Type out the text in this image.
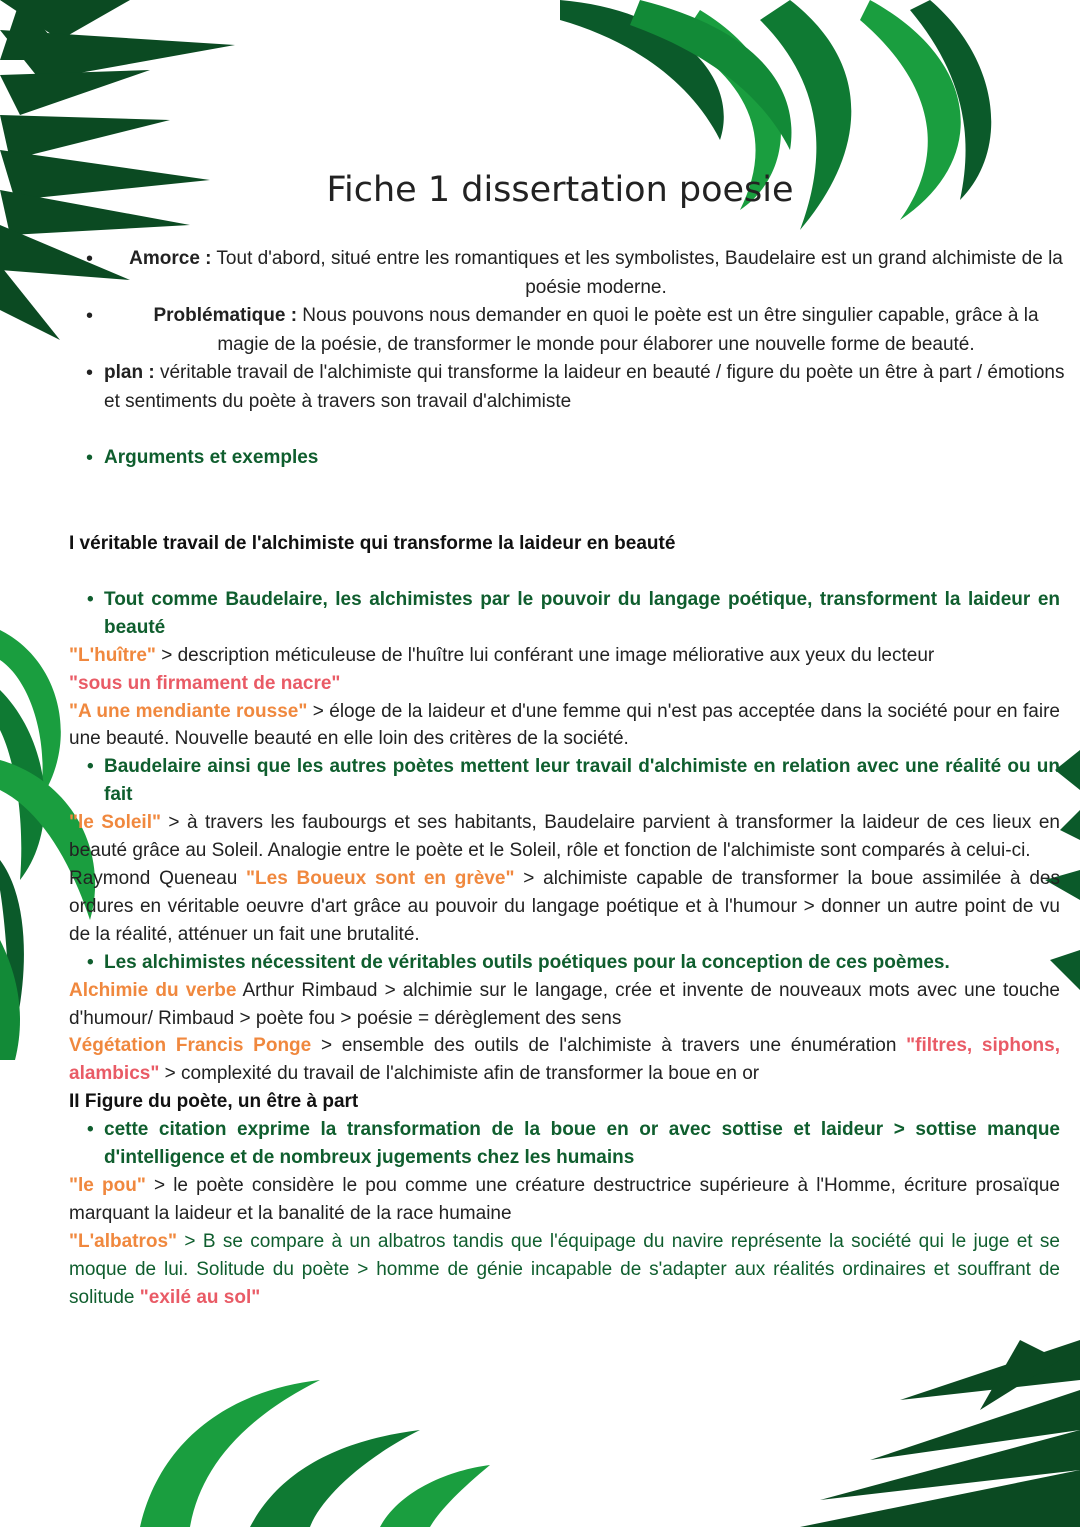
Fiche 1 dissertation poesie
• Amorce : Tout d'abord, situé entre les romantiques et les symbolistes, Baudelaire est un grand alchimiste de la poésie moderne.
•	Problématique : Nous pouvons nous demander en quoi le poète est un être singulier capable, grâce à la magie de la poésie, de transformer le monde pour élaborer une nouvelle forme de beauté.
• plan : véritable travail de l'alchimiste qui transforme la laideur en beauté / figure du poète un être à part / émotions et sentiments du poète à travers son travail d'alchimiste
• Arguments et exemples

I véritable travail de l'alchimiste qui transforme la laideur en beauté

• Tout comme Baudelaire, les alchimistes par le pouvoir du langage poétique, transforment la laideur en beauté

"L'huître" > description méticuleuse de l'huître lui conférant une image méliorative aux yeux du lecteur
"sous un firmament de nacre"

"A une mendiante rousse" > éloge de la laideur et d'une femme qui n'est pas acceptée dans la société pour en faire une beauté. Nouvelle beauté en elle loin des critères de la société.

• Baudelaire ainsi que les autres poètes mettent leur travail d'alchimiste en relation avec une réalité ou un fait

"le Soleil" > à travers les faubourgs et ses habitants, Baudelaire parvient à transformer la laideur de ces lieux en beauté grâce au Soleil. Analogie entre le poète et le Soleil, rôle et fonction de l'alchimiste sont comparés à celui-ci.

Raymond Queneau "Les Boueux sont en grève" > alchimiste capable de transformer la boue assimilée à des ordures en véritable oeuvre d'art grâce au pouvoir du langage poétique et à l'humour > donner un autre point de vu de la réalité, atténuer un fait une brutalité.

• Les alchimistes nécessitent de véritables outils poétiques pour la conception de ces poèmes.

Alchimie du verbe Arthur Rimbaud > alchimie sur le langage, crée et invente de nouveaux mots avec une touche d'humour/ Rimbaud > poète fou > poésie = dérèglement des sens

Végétation Francis Ponge > ensemble des outils de l'alchimiste à travers une énumération "filtres, siphons, alambics" > complexité du travail de l'alchimiste afin de transformer la boue en or

II Figure du poète, un être à part

• cette citation exprime la transformation de la boue en or avec sottise et laideur > sottise manque d'intelligence et de nombreux jugements chez les humains

"le pou" > le poète considère le pou comme une créature destructrice supérieure à l'Homme, écriture prosaïque marquant la laideur et la banalité de la race humaine

"L'albatros" > B se compare à un albatros tandis que l'équipage du navire représente la société qui le juge et se moque de lui. Solitude du poète > homme de génie incapable de s'adapter aux réalités ordinaires et souffrant de solitude "exilé au sol"
